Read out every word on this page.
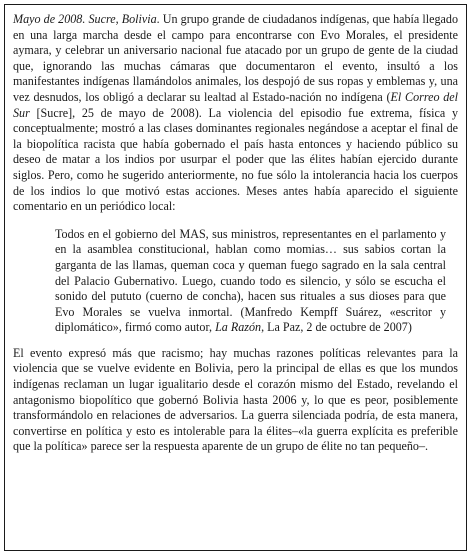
Mayo de 2008. Sucre, Bolivia. Un grupo grande de ciudadanos indígenas, que había llegado en una larga marcha desde el campo para encontrarse con Evo Morales, el presidente aymara, y celebrar un aniversario nacional fue atacado por un grupo de gente de la ciudad que, ignorando las muchas cámaras que documentaron el evento, insultó a los manifestantes indígenas llamándolos animales, los despojó de sus ropas y emblemas y, una vez desnudos, los obligó a declarar su lealtad al Estado-nación no indígena (El Correo del Sur [Sucre], 25 de mayo de 2008). La violencia del episodio fue extrema, física y conceptualmente; mostró a las clases dominantes regionales negándose a aceptar el final de la biopolítica racista que había gobernado el país hasta entonces y haciendo público su deseo de matar a los indios por usurpar el poder que las élites habían ejercido durante siglos. Pero, como he sugerido anteriormente, no fue sólo la intolerancia hacia los cuerpos de los indios lo que motivó estas acciones. Meses antes había aparecido el siguiente comentario en un periódico local:

Todos en el gobierno del MAS, sus ministros, representantes en el parlamento y en la asamblea constitucional, hablan como momias… sus sabios cortan la garganta de las llamas, queman coca y queman fuego sagrado en la sala central del Palacio Gubernativo. Luego, cuando todo es silencio, y sólo se escucha el sonido del pututo (cuerno de concha), hacen sus rituales a sus dioses para que Evo Morales se vuelva inmortal. (Manfredo Kempff Suárez, «escritor y diplomático», firmó como autor, La Razón, La Paz, 2 de octubre de 2007)

El evento expresó más que racismo; hay muchas razones políticas relevantes para la violencia que se vuelve evidente en Bolivia, pero la principal de ellas es que los mundos indígenas reclaman un lugar igualitario desde el corazón mismo del Estado, revelando el antagonismo biopolítico que gobernó Bolivia hasta 2006 y, lo que es peor, posiblemente transformándolo en relaciones de adversarios. La guerra silenciada podría, de esta manera, convertirse en política y esto es intolerable para la élites–«la guerra explícita es preferible que la política» parece ser la respuesta aparente de un grupo de élite no tan pequeño–.
